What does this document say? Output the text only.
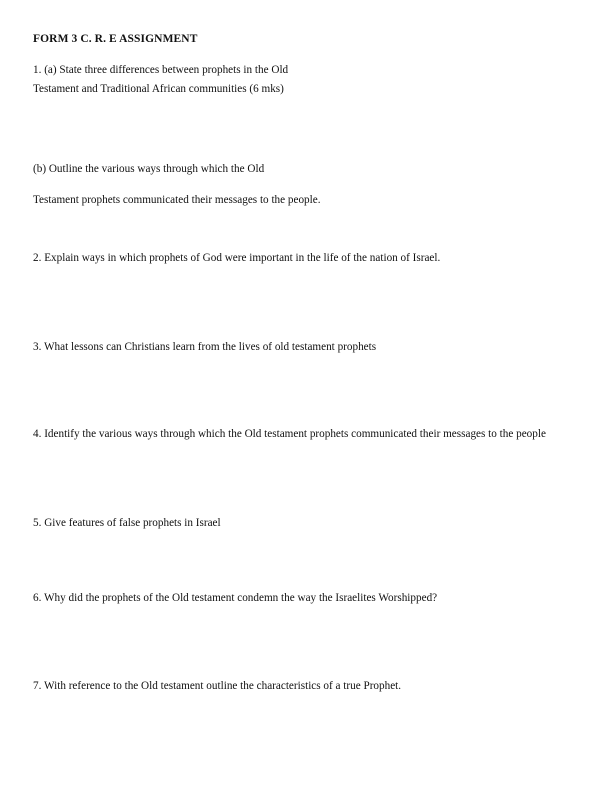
FORM 3 C. R. E ASSIGNMENT

1. (a) State three differences between prophets in the Old

Testament and Traditional African communities (6 mks)

(b) Outline the various ways through which the Old

Testament prophets communicated their messages to the people.

2. Explain ways in which prophets of God were important in the life of the nation of Israel.

3. What lessons can Christians learn from the lives of old testament prophets

4. Identify the various ways through which the Old testament prophets communicated their messages to the people

5. Give features of false prophets in Israel

6. Why did the prophets of the Old testament condemn the way the Israelites Worshipped?

7. With reference to the Old testament outline the characteristics of a true Prophet.
